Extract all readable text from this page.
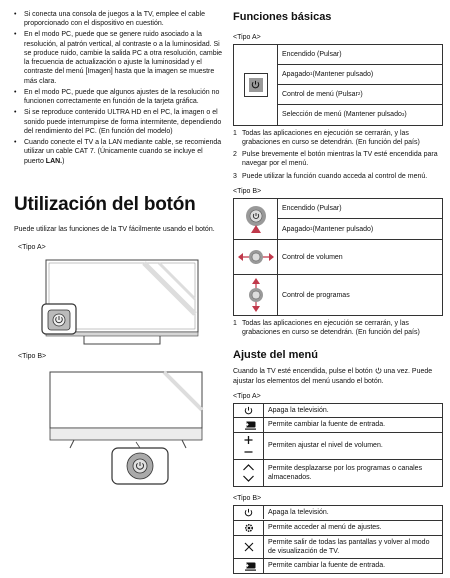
• Si conecta una consola de juegos a la TV, emplee el cable proporcionado con el dispositivo en cuestión.
• En el modo PC, puede que se genere ruido asociado a la resolución, al patrón vertical, al contraste o a la luminosidad. Si se produce ruido, cambie la salida PC a otra resolución, cambie la frecuencia de actualización o ajuste la luminosidad y el contraste del menú [Imagen] hasta que la imagen se muestre más clara.
• En el modo PC, puede que algunos ajustes de la resolución no funcionen correctamente en función de la tarjeta gráfica.
• Si se reproduce contenido ULTRA HD en el PC, la imagen o el sonido puede interrumpirse de forma intermitente, dependiendo del rendimiento del PC. (En función del modelo)
• Cuando conecte el TV a la LAN mediante cable, se recomienda utilizar un cable CAT 7. (Únicamente cuando se incluye el puerto LAN.)
Utilización del botón
Puede utilizar las funciones de la TV fácilmente usando el botón.
<Tipo A>
<Tipo B>
Funciones básicas
<Tipo A>
Encendido (Pulsar)
Apagado 1 (Mantener pulsado)
Control de menú (Pulsar 2 )
Selección de menú (Mantener pulsado 3 )
1 Todas las aplicaciones en ejecución se cerrarán, y las grabaciones en curso se detendrán. (En función del país)
2 Pulse brevemente el botón mientras la TV esté encendida para navegar por el menú.
3 Puede utilizar la función cuando acceda al control de menú.
<Tipo B>
Encendido (Pulsar)
Apagado 1 (Mantener pulsado)
Control de volumen
Control de programas
1 Todas las aplicaciones en ejecución se cerrarán, y las grabaciones en curso se detendrán. (En función del país)
Ajuste del menú
Cuando la TV esté encendida, pulse el botón una vez. Puede ajustar los elementos del menú usando el botón.
<Tipo A>
Apaga la televisión.
Permite cambiar la fuente de entrada.
Permiten ajustar el nivel de volumen.
Permite desplazarse por los programas o canales almacenados.
<Tipo B>
Apaga la televisión.
Permite acceder al menú de ajustes.
Permite salir de todas las pantallas y volver al modo de visualización de TV.
Permite cambiar la fuente de entrada.
